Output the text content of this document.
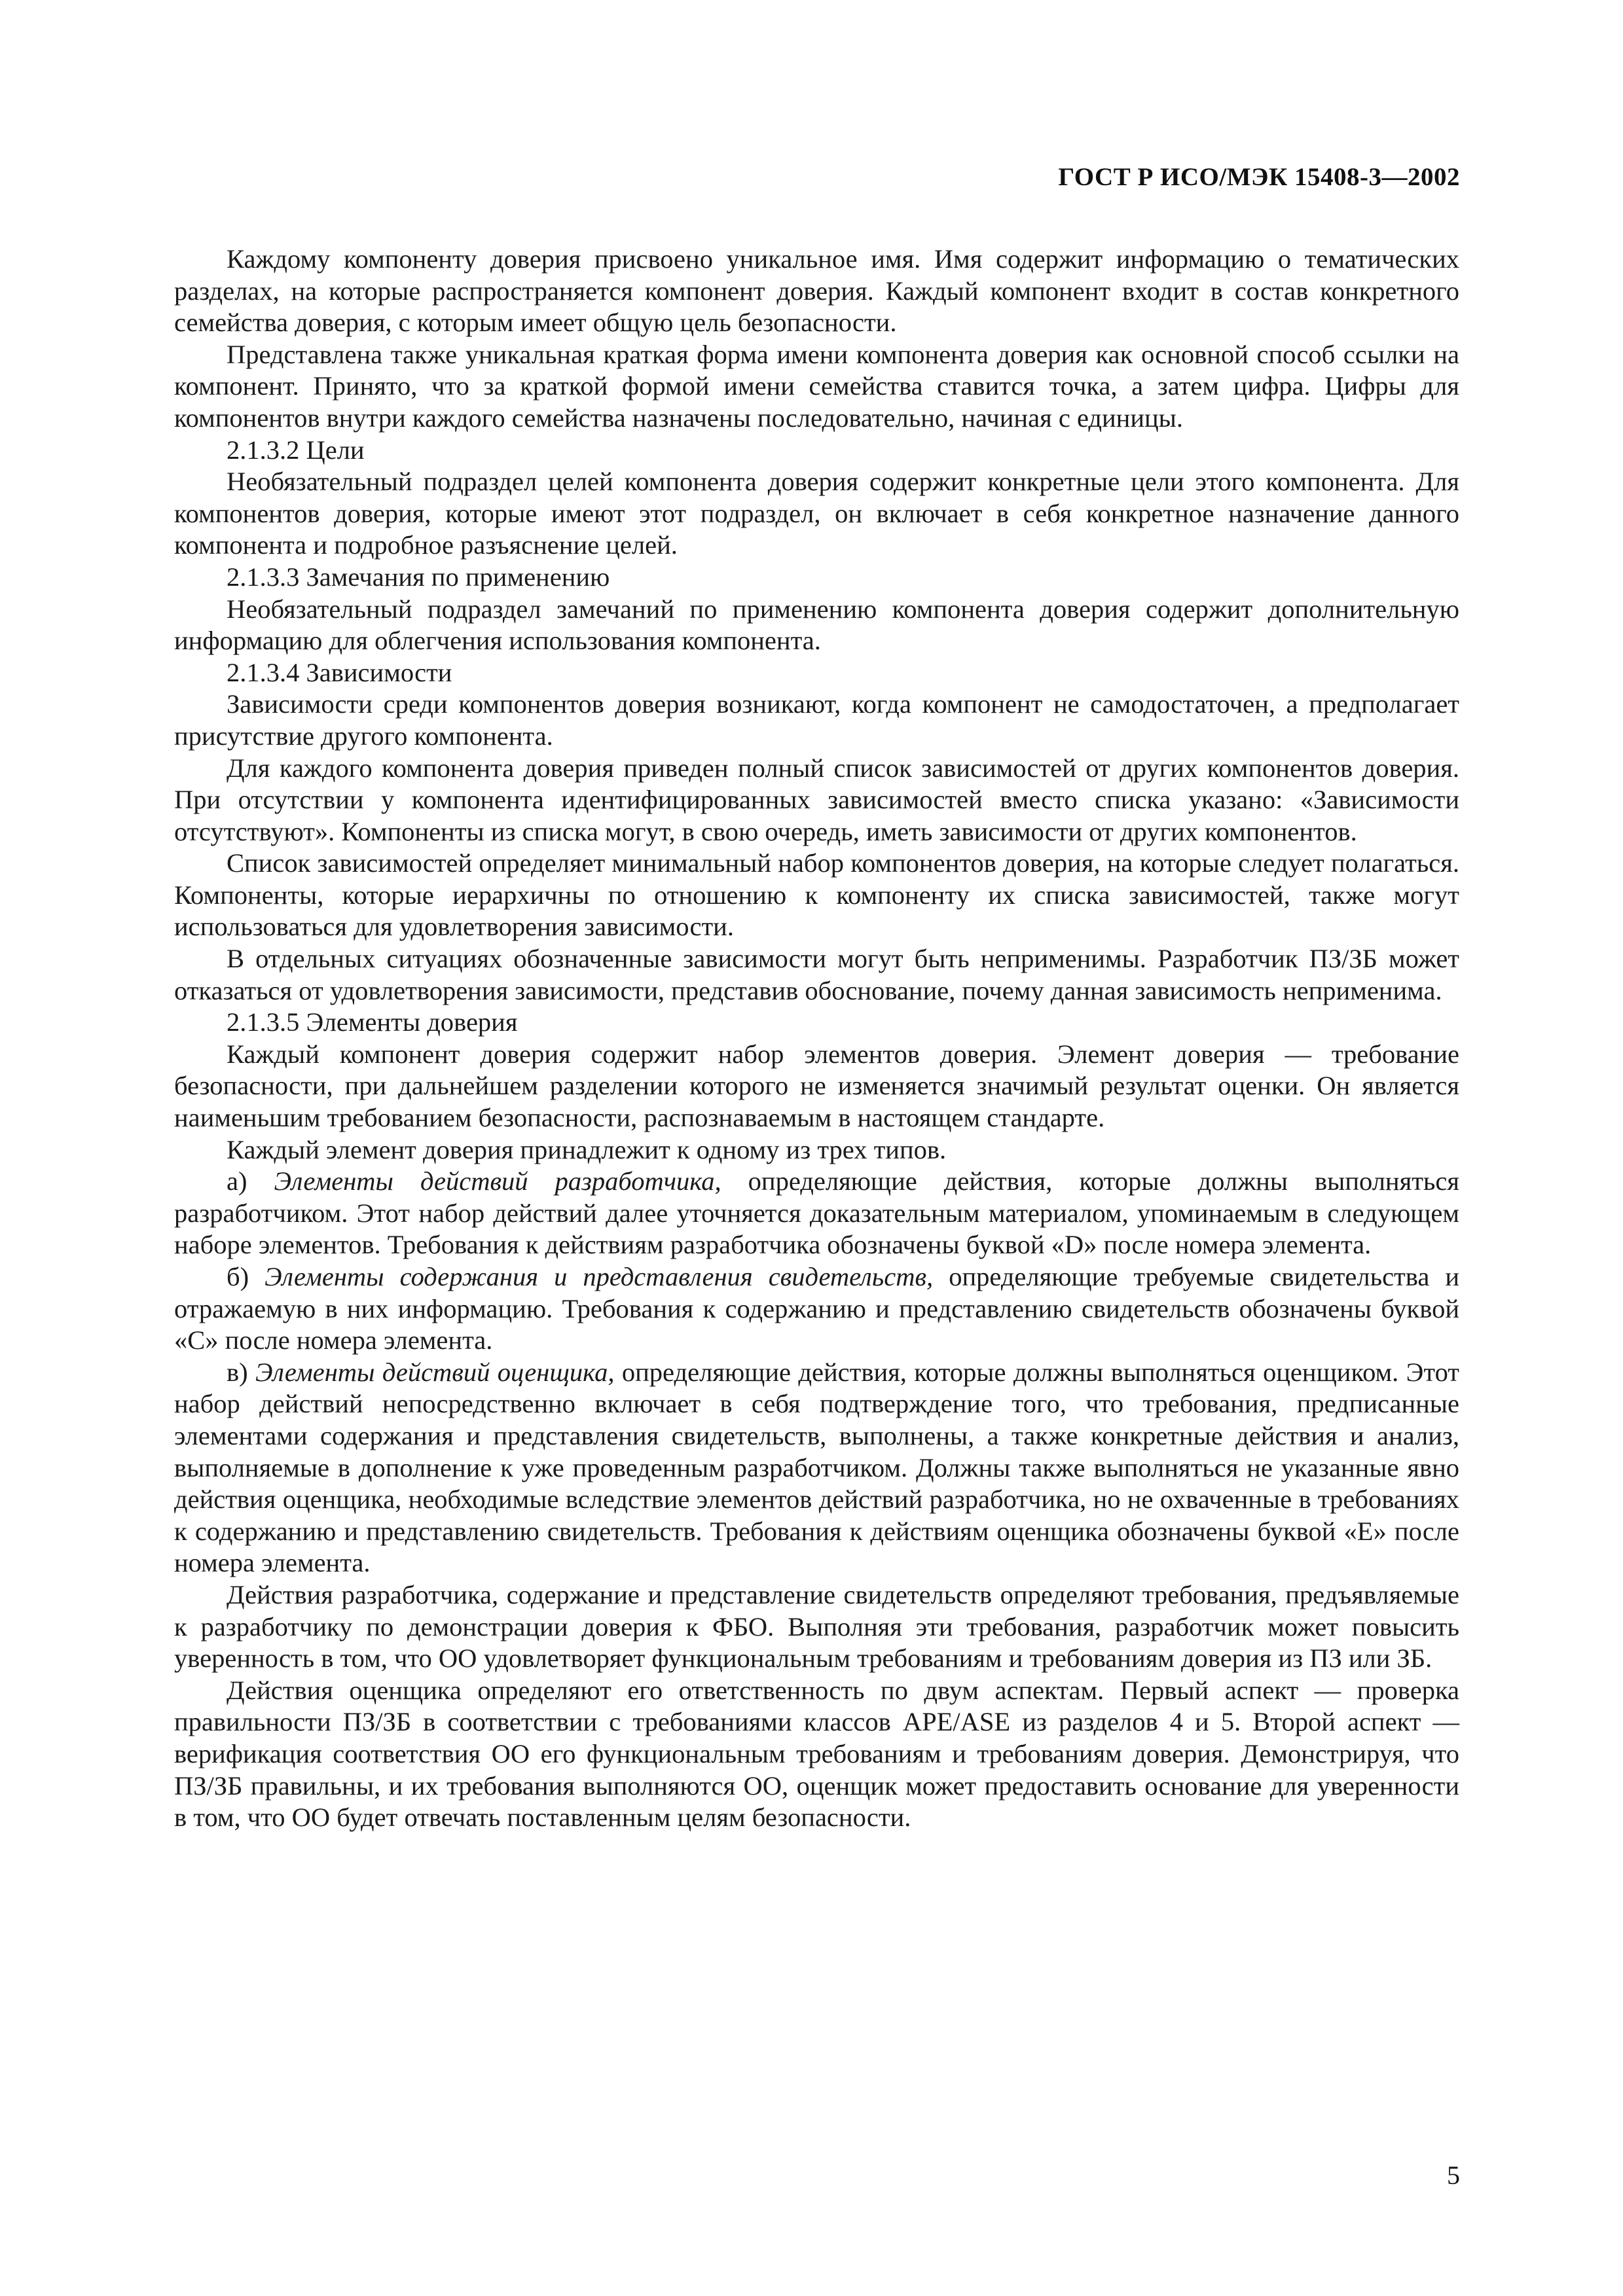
ГОСТ Р ИСО/МЭК 15408-3—2002

Каждому компоненту доверия присвоено уникальное имя. Имя содержит информацию о тематических разделах, на которые распространяется компонент доверия. Каждый компонент входит в состав конкретного семейства доверия, с которым имеет общую цель безопасности.

Представлена также уникальная краткая форма имени компонента доверия как основной способ ссылки на компонент. Принято, что за краткой формой имени семейства ставится точка, а затем цифра. Цифры для компонентов внутри каждого семейства назначены последовательно, начиная с единицы.

2.1.3.2 Цели

Необязательный подраздел целей компонента доверия содержит конкретные цели этого компонента. Для компонентов доверия, которые имеют этот подраздел, он включает в себя конкретное назначение данного компонента и подробное разъяснение целей.

2.1.3.3 Замечания по применению

Необязательный подраздел замечаний по применению компонента доверия содержит дополнительную информацию для облегчения использования компонента.

2.1.3.4 Зависимости

Зависимости среди компонентов доверия возникают, когда компонент не самодостаточен, а предполагает присутствие другого компонента.

Для каждого компонента доверия приведен полный список зависимостей от других компонентов доверия. При отсутствии у компонента идентифицированных зависимостей вместо списка указано: «Зависимости отсутствуют». Компоненты из списка могут, в свою очередь, иметь зависимости от других компонентов.

Список зависимостей определяет минимальный набор компонентов доверия, на которые следует полагаться. Компоненты, которые иерархичны по отношению к компоненту их списка зависимостей, также могут использоваться для удовлетворения зависимости.

В отдельных ситуациях обозначенные зависимости могут быть неприменимы. Разработчик ПЗ/ЗБ может отказаться от удовлетворения зависимости, представив обоснование, почему данная зависимость неприменима.

2.1.3.5 Элементы доверия

Каждый компонент доверия содержит набор элементов доверия. Элемент доверия — требование безопасности, при дальнейшем разделении которого не изменяется значимый результат оценки. Он является наименьшим требованием безопасности, распознаваемым в настоящем стандарте.

Каждый элемент доверия принадлежит к одному из трех типов.

а) Элементы действий разработчика, определяющие действия, которые должны выполняться разработчиком. Этот набор действий далее уточняется доказательным материалом, упоминаемым в следующем наборе элементов. Требования к действиям разработчика обозначены буквой «D» после номера элемента.

б) Элементы содержания и представления свидетельств, определяющие требуемые свидетельства и отражаемую в них информацию. Требования к содержанию и представлению свидетельств обозначены буквой «С» после номера элемента.

в) Элементы действий оценщика, определяющие действия, которые должны выполняться оценщиком. Этот набор действий непосредственно включает в себя подтверждение того, что требования, предписанные элементами содержания и представления свидетельств, выполнены, а также конкретные действия и анализ, выполняемые в дополнение к уже проведенным разработчиком. Должны также выполняться не указанные явно действия оценщика, необходимые вследствие элементов действий разработчика, но не охваченные в требованиях к содержанию и представлению свидетельств. Требования к действиям оценщика обозначены буквой «Е» после номера элемента.

Действия разработчика, содержание и представление свидетельств определяют требования, предъявляемые к разработчику по демонстрации доверия к ФБО. Выполняя эти требования, разработчик может повысить уверенность в том, что ОО удовлетворяет функциональным требованиям и требованиям доверия из ПЗ или ЗБ.

Действия оценщика определяют его ответственность по двум аспектам. Первый аспект — проверка правильности ПЗ/ЗБ в соответствии с требованиями классов APE/ASE из разделов 4 и 5. Второй аспект — верификация соответствия ОО его функциональным требованиям и требованиям доверия. Демонстрируя, что ПЗ/ЗБ правильны, и их требования выполняются ОО, оценщик может предоставить основание для уверенности в том, что ОО будет отвечать поставленным целям безопасности.

5
